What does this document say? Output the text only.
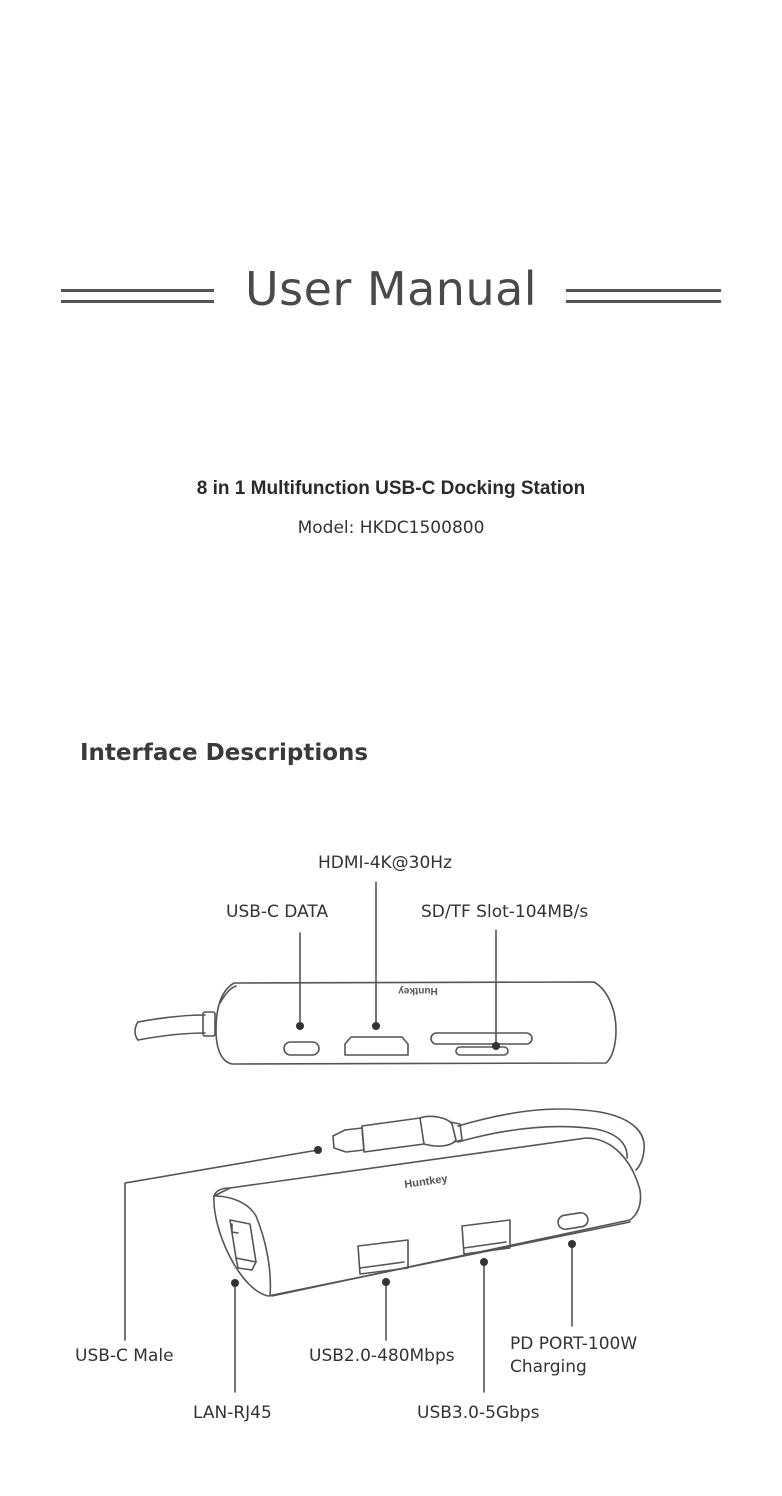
User Manual
8 in 1 Multifunction USB-C Docking Station
Model: HKDC1500800
Interface Descriptions
Huntkey
Huntkey
HDMI-4K@30Hz
USB-C DATA	SD/TF Slot-104MB/s
USB-C Male	USB2.0-480Mbps
PD PORT-100W
Charging
LAN-RJ45	USB3.0-5Gbps
